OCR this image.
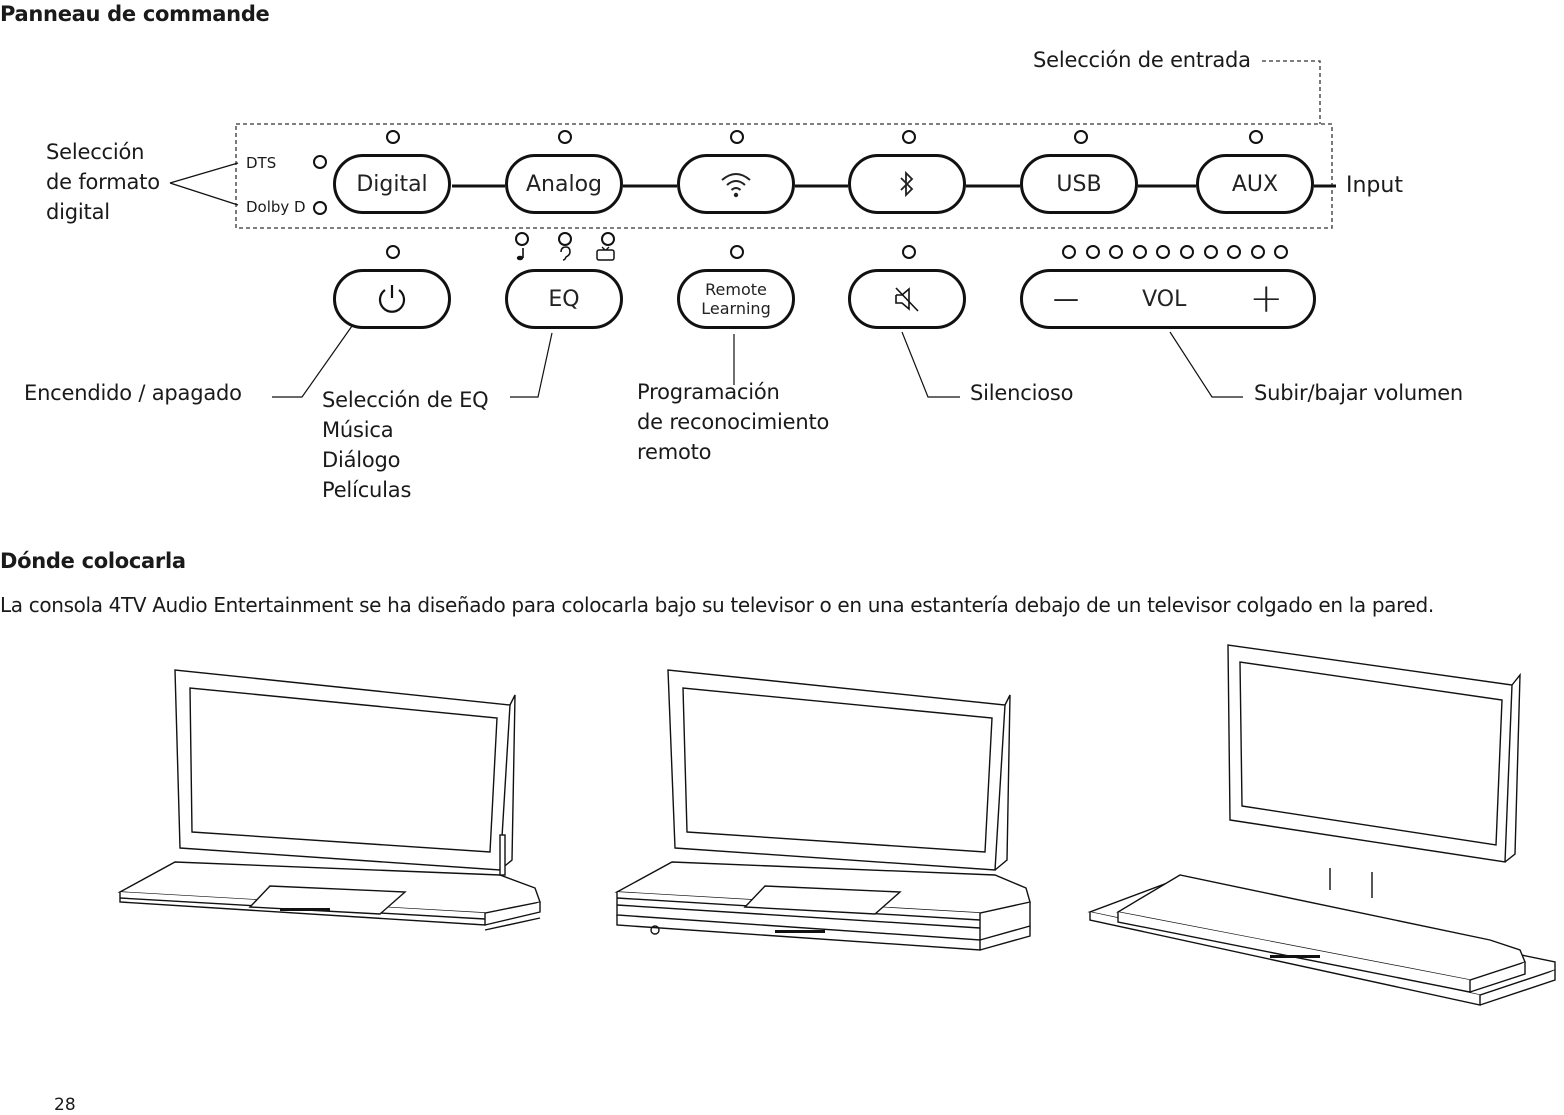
Panneau de commande
Dónde colocarla
Selección de entrada
Selección
de formato
digital
DTS
Dolby D
Digital	Analog	USB	AUX	Input
EQ	Remote
Learning	—	VOL +
Encendido / apagado	Selección de EQ
Música
Diálogo
Películas
Programación
de reconocimiento
remoto
Silencioso	Subir/bajar volumen
La consola 4TV Audio Entertainment se ha diseñado para colocarla bajo su televisor o en una estantería debajo de un televisor colgado en la pared.
28
